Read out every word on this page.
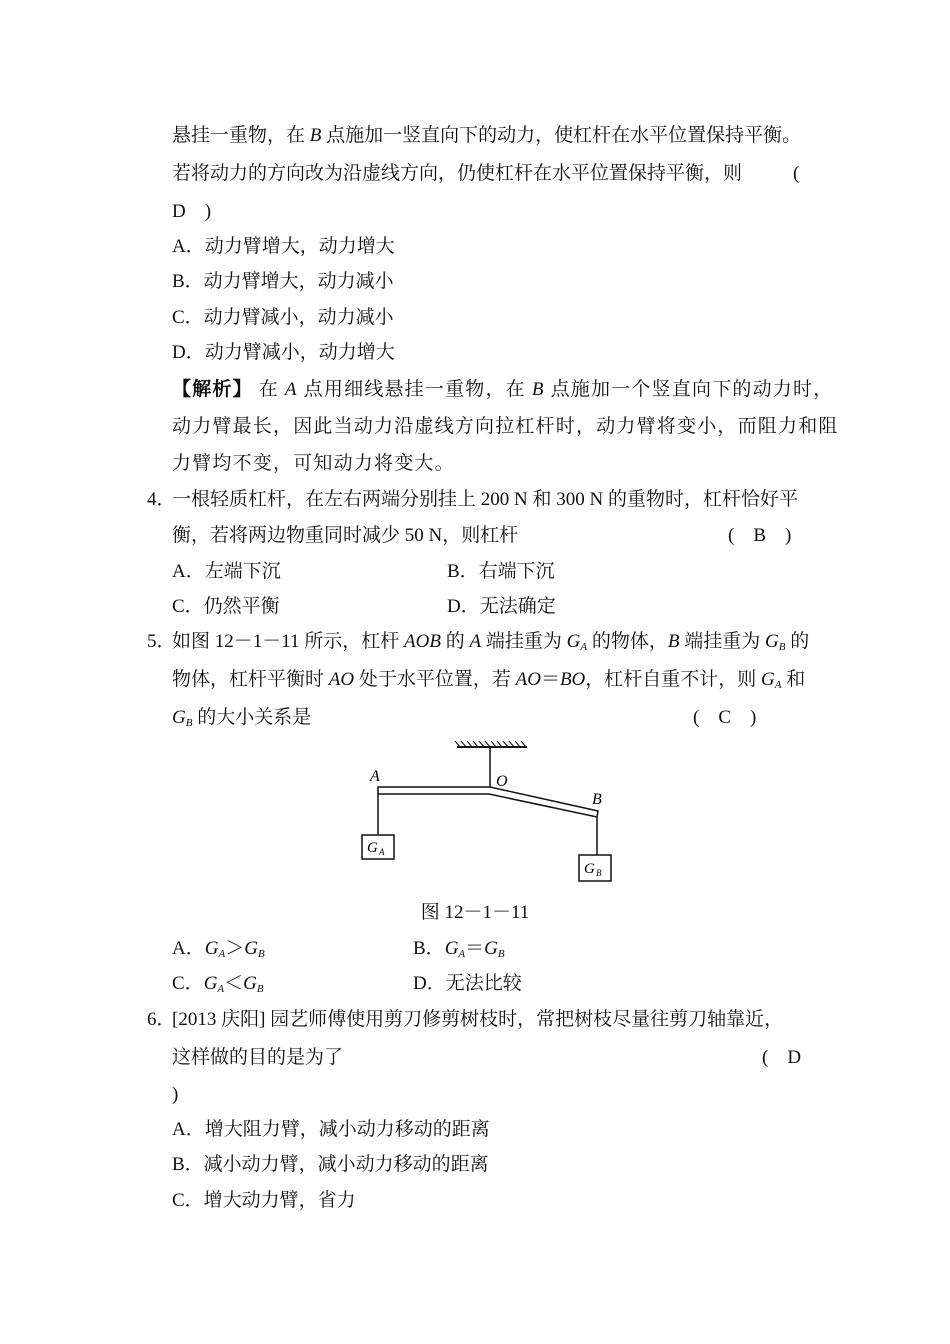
悬挂一重物，在 B 点施加一竖直向下的动力，使杠杆在水平位置保持平衡。
若将动力的方向改为沿虚线方向，仍使杠杆在水平位置保持平衡，则	(
D　)
A．动力臂增大，动力增大
B．动力臂增大，动力减小
C．动力臂减小，动力减小
D．动力臂减小，动力增大
【解析】 在 A 点用细线悬挂一重物，在 B 点施加一个竖直向下的动力时，
动力臂最长，因此当动力沿虚线方向拉杠杆时，动力臂将变小，而阻力和阻
力臂均不变，可知动力将变大。
4．
一根轻质杠杆，在左右两端分别挂上 200 N 和 300 N 的重物时，杠杆恰好平
衡，若将两边物重同时减少 50 N，则杠杆	(　B　)
A．左端下沉	B．右端下沉
C．仍然平衡	D．无法确定
5．
如图 12－1－11 所示，杠杆 AOB 的 A 端挂重为 $G_A$ 的物体，B 端挂重为 $G_B$ 的
物体，杠杆平衡时 AO 处于水平位置，若 AO＝BO，杠杆自重不计，则 $G_A$ 和
$G_B$ 的大小关系是	(　C　)
A	O
B
G A
G B
图 12－1－11
A．$G_A>G_B$	B．$G_A=G_B$
C．$G_A<G_B$	D．无法比较
6．
[2013 庆阳] 园艺师傅使用剪刀修剪树枝时，常把树枝尽量往剪刀轴靠近，
这样做的目的是为了	(　D
)
A．增大阻力臂，减小动力移动的距离
B．减小动力臂，减小动力移动的距离
C．增大动力臂，省力
